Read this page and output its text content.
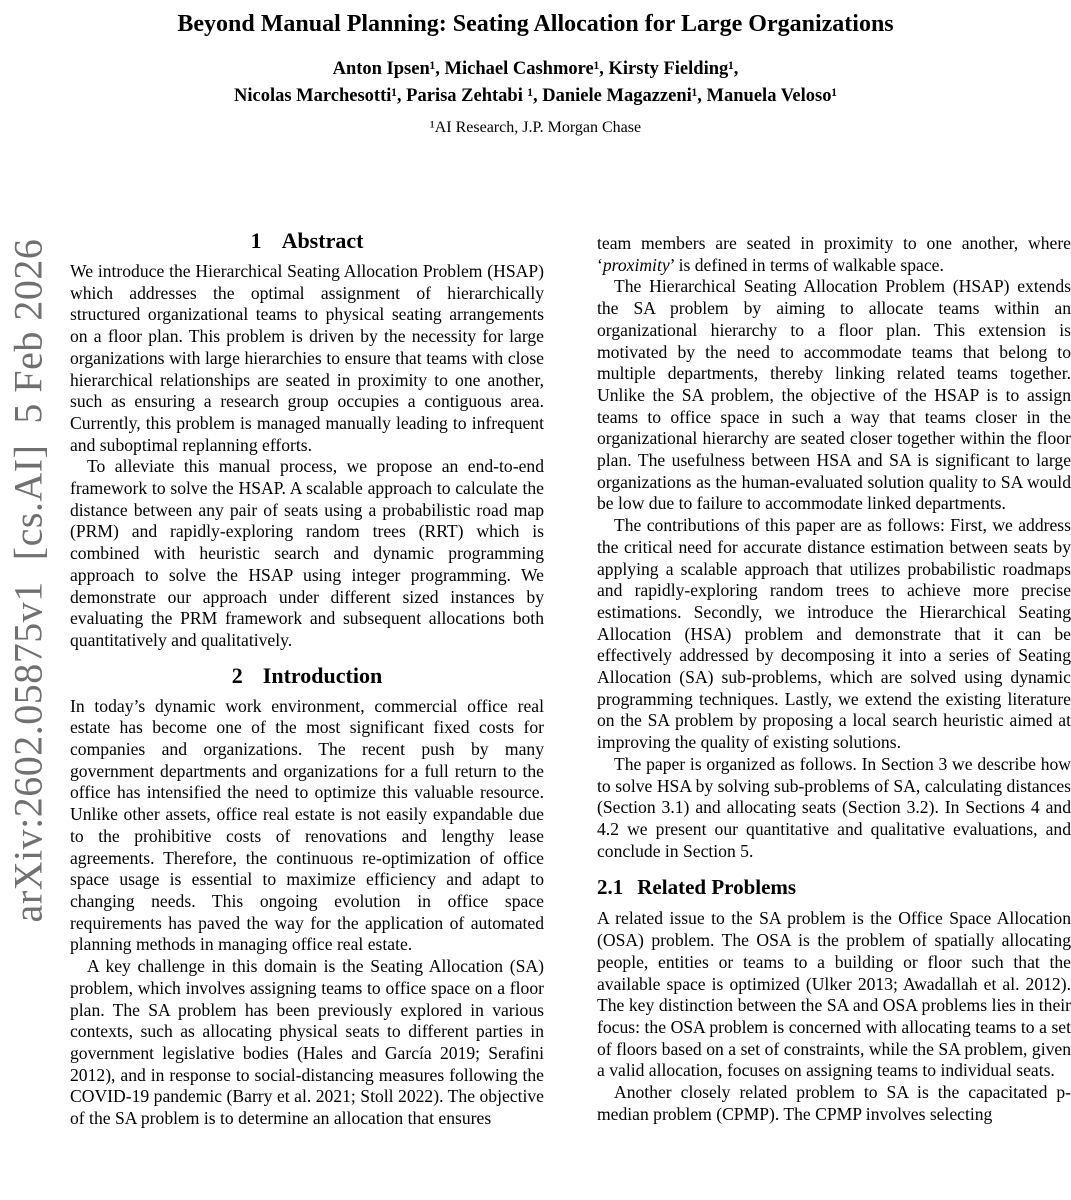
arXiv:2602.05875v1  [cs.AI]  5 Feb 2026
Beyond Manual Planning: Seating Allocation for Large Organizations
Anton Ipsen¹, Michael Cashmore¹, Kirsty Fielding¹,
Nicolas Marchesotti¹, Parisa Zehtabi ¹, Daniele Magazzeni¹, Manuela Veloso¹
¹AI Research, J.P. Morgan Chase
1 Abstract

We introduce the Hierarchical Seating Allocation Problem (HSAP) which addresses the optimal assignment of hierarchically structured organizational teams to physical seating arrangements on a floor plan. This problem is driven by the necessity for large organizations with large hierarchies to ensure that teams with close hierarchical relationships are seated in proximity to one another, such as ensuring a research group occupies a contiguous area. Currently, this problem is managed manually leading to infrequent and suboptimal replanning efforts.

To alleviate this manual process, we propose an end-to-end framework to solve the HSAP. A scalable approach to calculate the distance between any pair of seats using a probabilistic road map (PRM) and rapidly-exploring random trees (RRT) which is combined with heuristic search and dynamic programming approach to solve the HSAP using integer programming. We demonstrate our approach under different sized instances by evaluating the PRM framework and subsequent allocations both quantitatively and qualitatively.

2 Introduction

In today’s dynamic work environment, commercial office real estate has become one of the most significant fixed costs for companies and organizations. The recent push by many government departments and organizations for a full return to the office has intensified the need to optimize this valuable resource. Unlike other assets, office real estate is not easily expandable due to the prohibitive costs of renovations and lengthy lease agreements. Therefore, the continuous re-optimization of office space usage is essential to maximize efficiency and adapt to changing needs. This ongoing evolution in office space requirements has paved the way for the application of automated planning methods in managing office real estate.

A key challenge in this domain is the Seating Allocation (SA) problem, which involves assigning teams to office space on a floor plan. The SA problem has been previously explored in various contexts, such as allocating physical seats to different parties in government legislative bodies (Hales and García 2019; Serafini 2012), and in response to social-distancing measures following the COVID-19 pandemic (Barry et al. 2021; Stoll 2022). The objective of the SA problem is to determine an allocation that ensures

team members are seated in proximity to one another, where ‘proximity’ is defined in terms of walkable space.

The Hierarchical Seating Allocation Problem (HSAP) extends the SA problem by aiming to allocate teams within an organizational hierarchy to a floor plan. This extension is motivated by the need to accommodate teams that belong to multiple departments, thereby linking related teams together. Unlike the SA problem, the objective of the HSAP is to assign teams to office space in such a way that teams closer in the organizational hierarchy are seated closer together within the floor plan. The usefulness between HSA and SA is significant to large organizations as the human-evaluated solution quality to SA would be low due to failure to accommodate linked departments.

The contributions of this paper are as follows: First, we address the critical need for accurate distance estimation between seats by applying a scalable approach that utilizes probabilistic roadmaps and rapidly-exploring random trees to achieve more precise estimations. Secondly, we introduce the Hierarchical Seating Allocation (HSA) problem and demonstrate that it can be effectively addressed by decomposing it into a series of Seating Allocation (SA) sub-problems, which are solved using dynamic programming techniques. Lastly, we extend the existing literature on the SA problem by proposing a local search heuristic aimed at improving the quality of existing solutions.

The paper is organized as follows. In Section 3 we describe how to solve HSA by solving sub-problems of SA, calculating distances (Section 3.1) and allocating seats (Section 3.2). In Sections 4 and 4.2 we present our quantitative and qualitative evaluations, and conclude in Section 5.

2.1 Related Problems

A related issue to the SA problem is the Office Space Allocation (OSA) problem. The OSA is the problem of spatially allocating people, entities or teams to a building or floor such that the available space is optimized (Ulker 2013; Awadallah et al. 2012). The key distinction between the SA and OSA problems lies in their focus: the OSA problem is concerned with allocating teams to a set of floors based on a set of constraints, while the SA problem, given a valid allocation, focuses on assigning teams to individual seats.

Another closely related problem to SA is the capacitated p-median problem (CPMP). The CPMP involves selecting
